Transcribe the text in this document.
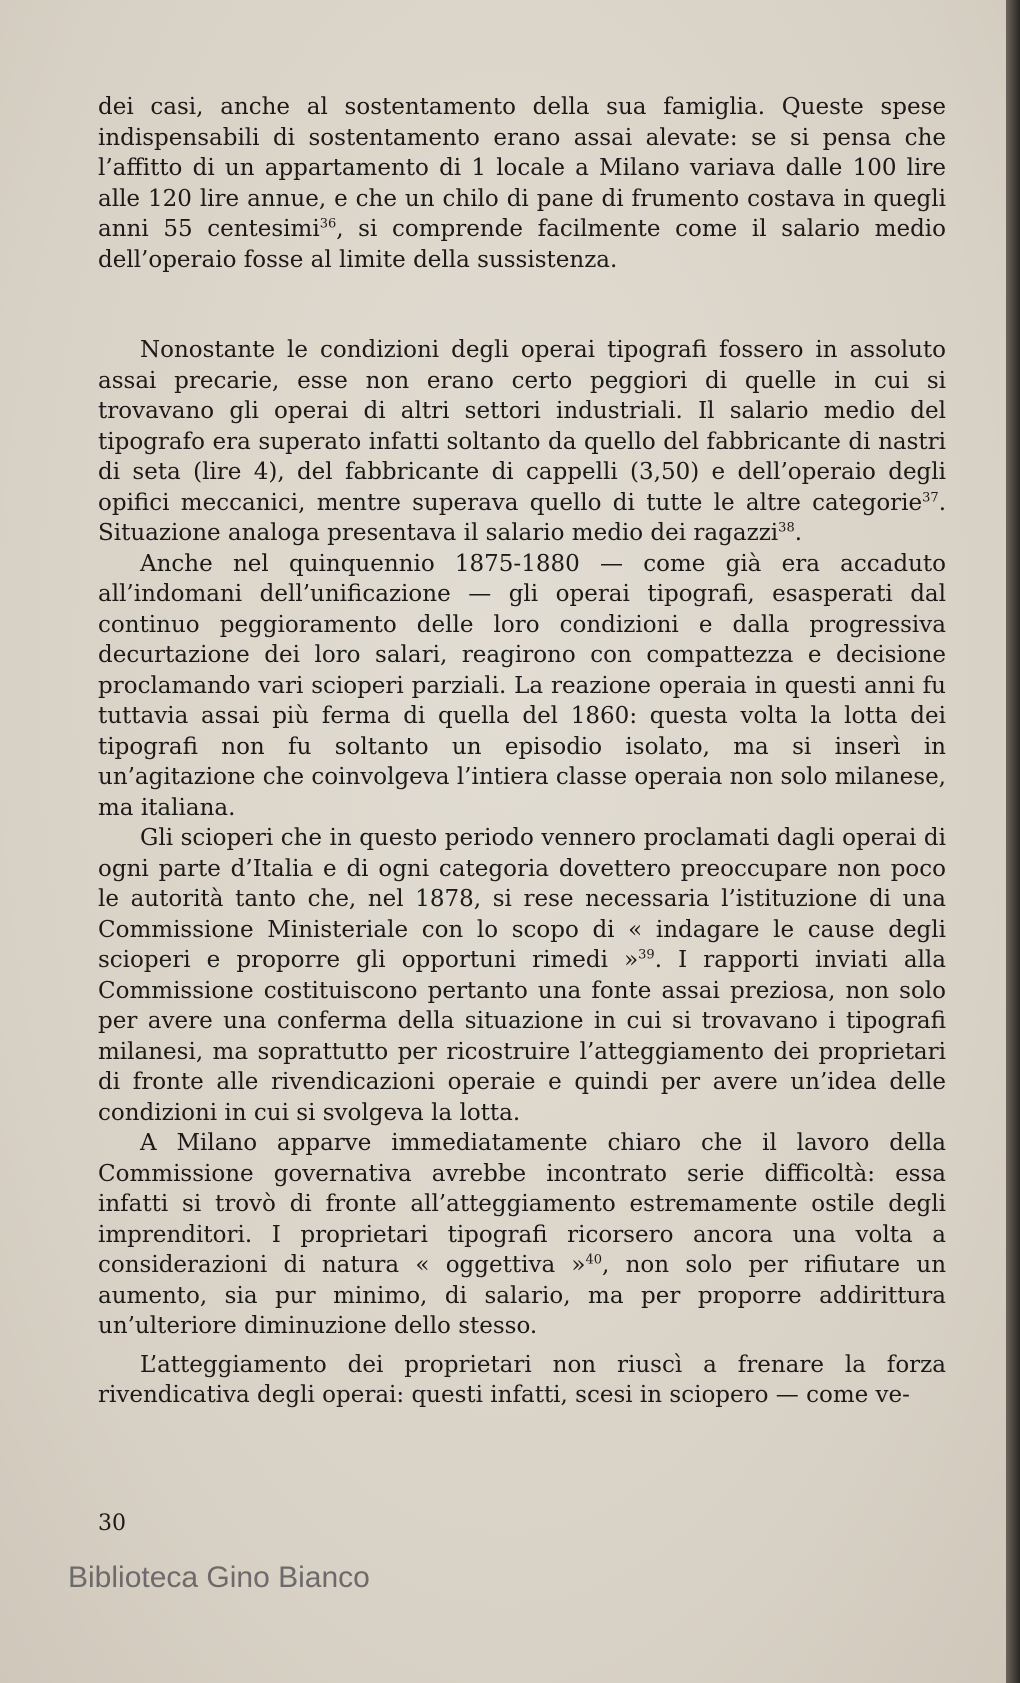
dei casi, anche al sostentamento della sua famiglia. Queste spese indispensabili di sostentamento erano assai alevate: se si pensa che l’affitto di un appartamento di 1 locale a Milano variava dalle 100 lire alle 120 lire annue, e che un chilo di pane di frumento costava in quegli anni 55 centesimi$^{36}$, si comprende facilmente come il salario medio dell’operaio fosse al limite della sussistenza.

Nonostante le condizioni degli operai tipografi fossero in assoluto assai precarie, esse non erano certo peggiori di quelle in cui si trovavano gli operai di altri settori industriali. Il salario medio del tipografo era superato infatti soltanto da quello del fabbricante di nastri di seta (lire 4), del fabbricante di cappelli (3,50) e dell’operaio degli opifici meccanici, mentre superava quello di tutte le altre categorie$^{37}$. Situazione analoga presentava il salario medio dei ragazzi$^{38}$.

Anche nel quinquennio 1875-1880 — come già era accaduto all’indomani dell’unificazione — gli operai tipografi, esasperati dal continuo peggioramento delle loro condizioni e dalla progressiva decurtazione dei loro salari, reagirono con compattezza e decisione proclamando vari scioperi parziali. La reazione operaia in questi anni fu tuttavia assai più ferma di quella del 1860: questa volta la lotta dei tipografi non fu soltanto un episodio isolato, ma si inserì in un’agitazione che coinvolgeva l’intiera classe operaia non solo milanese, ma italiana.

Gli scioperi che in questo periodo vennero proclamati dagli operai di ogni parte d’Italia e di ogni categoria dovettero preoccupare non poco le autorità tanto che, nel 1878, si rese necessaria l’istituzione di una Commissione Ministeriale con lo scopo di « indagare le cause degli scioperi e proporre gli opportuni rimedi »$^{39}$. I rapporti inviati alla Commissione costituiscono pertanto una fonte assai preziosa, non solo per avere una conferma della situazione in cui si trovavano i tipografi milanesi, ma soprattutto per ricostruire l’atteggiamento dei proprietari di fronte alle rivendicazioni operaie e quindi per avere un’idea delle condizioni in cui si svolgeva la lotta.

A Milano apparve immediatamente chiaro che il lavoro della Commissione governativa avrebbe incontrato serie difficoltà: essa infatti si trovò di fronte all’atteggiamento estremamente ostile degli imprenditori. I proprietari tipografi ricorsero ancora una volta a considerazioni di natura « oggettiva »$^{40}$, non solo per rifiutare un aumento, sia pur minimo, di salario, ma per proporre addirittura un’ulteriore diminuzione dello stesso.

L’atteggiamento dei proprietari non riuscì a frenare la forza rivendicativa degli operai: questi infatti, scesi in sciopero — come ve-

30
Biblioteca Gino Bianco
